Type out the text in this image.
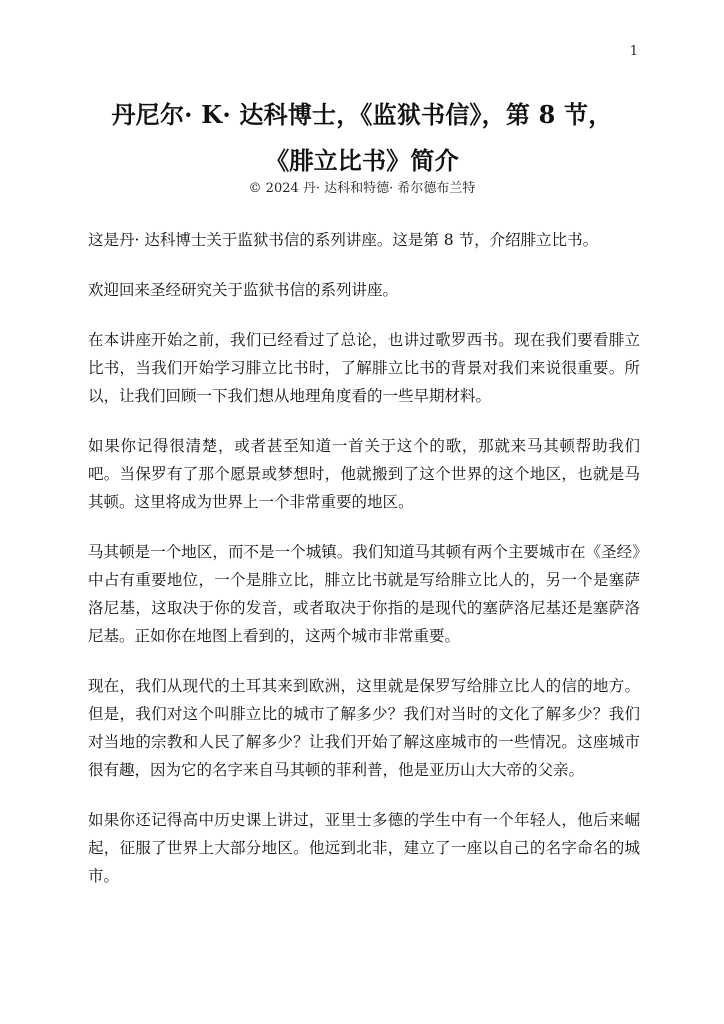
1
丹尼尔· K· 达科博士，《监狱书信》，第 8 节，
《腓立比书》简介
© 2024 丹· 达科和特德· 希尔德布兰特

这是丹· 达科博士关于监狱书信的系列讲座。这是第 8 节，介绍腓立比书。

欢迎回来圣经研究关于监狱书信的系列讲座。

在本讲座开始之前，我们已经看过了总论，也讲过歌罗西书。现在我们要看腓立比书，当我们开始学习腓立比书时，了解腓立比书的背景对我们来说很重要。所以，让我们回顾一下我们想从地理角度看的一些早期材料。

如果你记得很清楚，或者甚至知道一首关于这个的歌，那就来马其顿帮助我们吧。当保罗有了那个愿景或梦想时，他就搬到了这个世界的这个地区，也就是马其顿。这里将成为世界上一个非常重要的地区。

马其顿是一个地区，而不是一个城镇。我们知道马其顿有两个主要城市在《圣经》中占有重要地位，一个是腓立比，腓立比书就是写给腓立比人的，另一个是塞萨洛尼基，这取决于你的发音，或者取决于你指的是现代的塞萨洛尼基还是塞萨洛尼基。正如你在地图上看到的，这两个城市非常重要。

现在，我们从现代的土耳其来到欧洲，这里就是保罗写给腓立比人的信的地方。但是，我们对这个叫腓立比的城市了解多少？我们对当时的文化了解多少？我们对当地的宗教和人民了解多少？让我们开始了解这座城市的一些情况。这座城市很有趣，因为它的名字来自马其顿的菲利普，他是亚历山大大帝的父亲。

如果你还记得高中历史课上讲过，亚里士多德的学生中有一个年轻人，他后来崛起，征服了世界上大部分地区。他远到北非，建立了一座以自己的名字命名的城市。
